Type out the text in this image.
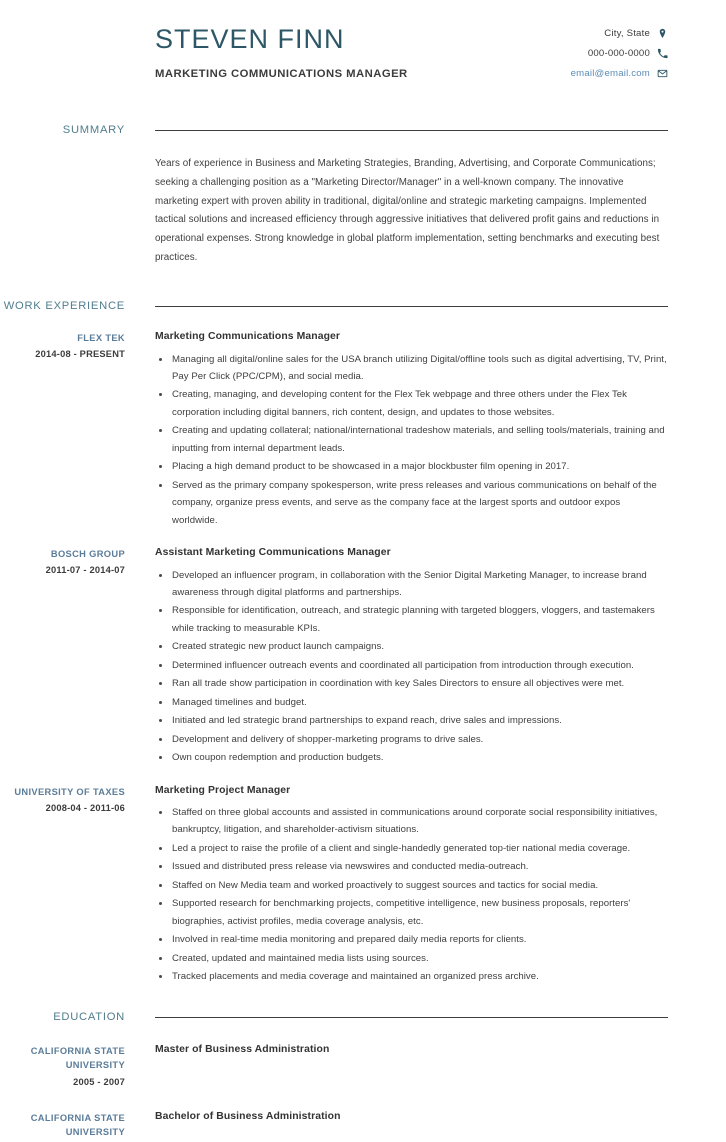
STEVEN FINN
MARKETING COMMUNICATIONS MANAGER
City, State
000-000-0000
email@email.com
SUMMARY
Years of experience in Business and Marketing Strategies, Branding, Advertising, and Corporate Communications; seeking a challenging position as a "Marketing Director/Manager" in a well-known company. The innovative marketing expert with proven ability in traditional, digital/online and strategic marketing campaigns. Implemented tactical solutions and increased efficiency through aggressive initiatives that delivered profit gains and reductions in operational expenses. Strong knowledge in global platform implementation, setting benchmarks and executing best practices.
WORK EXPERIENCE
FLEX TEK
2014-08 - PRESENT
Marketing Communications Manager
Managing all digital/online sales for the USA branch utilizing Digital/offline tools such as digital advertising, TV, Print, Pay Per Click (PPC/CPM), and social media.
Creating, managing, and developing content for the Flex Tek webpage and three others under the Flex Tek corporation including digital banners, rich content, design, and updates to those websites.
Creating and updating collateral; national/international tradeshow materials, and selling tools/materials, training and inputting from internal department leads.
Placing a high demand product to be showcased in a major blockbuster film opening in 2017.
Served as the primary company spokesperson, write press releases and various communications on behalf of the company, organize press events, and serve as the company face at the largest sports and outdoor expos worldwide.
BOSCH GROUP
2011-07 - 2014-07
Assistant Marketing Communications Manager
Developed an influencer program, in collaboration with the Senior Digital Marketing Manager, to increase brand awareness through digital platforms and partnerships.
Responsible for identification, outreach, and strategic planning with targeted bloggers, vloggers, and tastemakers while tracking to measurable KPIs.
Created strategic new product launch campaigns.
Determined influencer outreach events and coordinated all participation from introduction through execution.
Ran all trade show participation in coordination with key Sales Directors to ensure all objectives were met.
Managed timelines and budget.
Initiated and led strategic brand partnerships to expand reach, drive sales and impressions.
Development and delivery of shopper-marketing programs to drive sales.
Own coupon redemption and production budgets.
UNIVERSITY OF TAXES
2008-04 - 2011-06
Marketing Project Manager
Staffed on three global accounts and assisted in communications around corporate social responsibility initiatives, bankruptcy, litigation, and shareholder-activism situations.
Led a project to raise the profile of a client and single-handedly generated top-tier national media coverage.
Issued and distributed press release via newswires and conducted media-outreach.
Staffed on New Media team and worked proactively to suggest sources and tactics for social media.
Supported research for benchmarking projects, competitive intelligence, new business proposals, reporters' biographies, activist profiles, media coverage analysis, etc.
Involved in real-time media monitoring and prepared daily media reports for clients.
Created, updated and maintained media lists using sources.
Tracked placements and media coverage and maintained an organized press archive.
EDUCATION
CALIFORNIA STATE UNIVERSITY
2005 - 2007
Master of Business Administration
CALIFORNIA STATE UNIVERSITY
Bachelor of Business Administration
